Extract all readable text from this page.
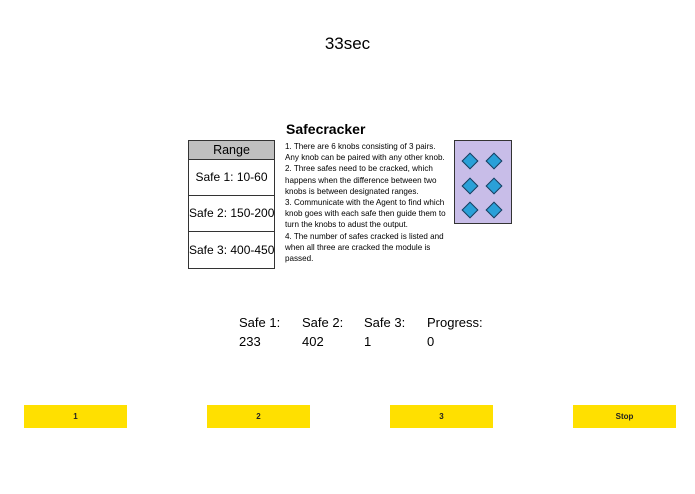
33sec
Safecracker
Range
Safe 1: 10-60
Safe 2: 150-200
Safe 3: 400-450

1. There are 6 knobs consisting of 3 pairs. Any knob can be paired with any other knob.

2. Three safes need to be cracked, which happens when the difference between two knobs is between designated ranges.

3. Communicate with the Agent to find which knob goes with each safe then guide them to turn the knobs to adust the output.

4. The number of safes cracked is listed and when all three are cracked the module is passed.

Safe 1:
233
Safe 2:
402
Safe 3:
1
Progress:
0
1	2	3	Stop
